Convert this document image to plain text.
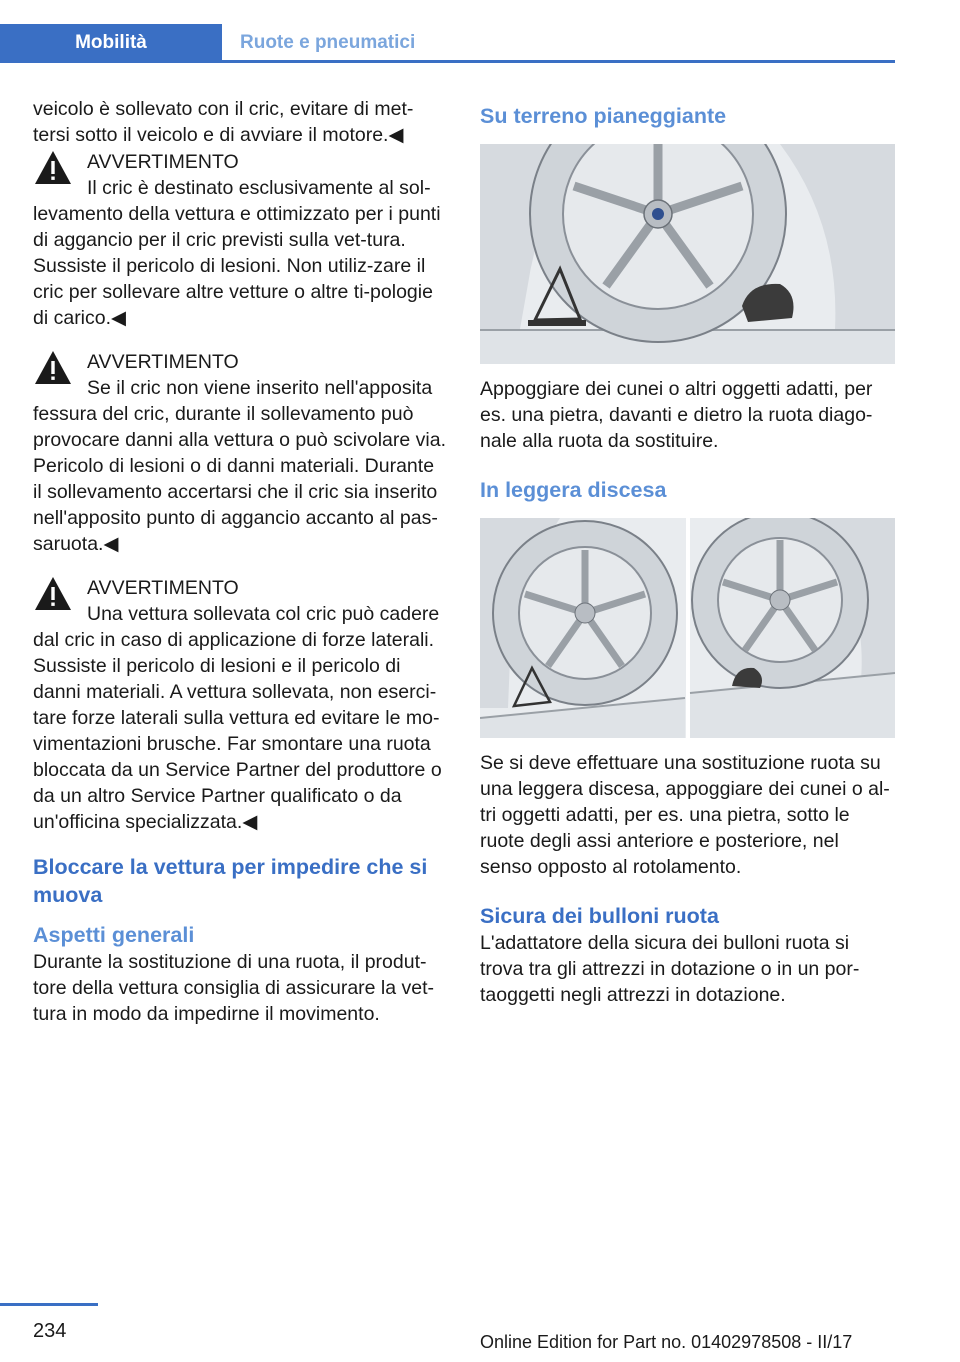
Mobilità	Ruote e pneumatici

veicolo è sollevato con il cric, evitare di met‐tersi sotto il veicolo e di avviare il motore.◀

AVVERTIMENTO
Il cric è destinato esclusivamente al sol‐
levamento della vettura e ottimizzato per i punti di aggancio per il cric previsti sulla vet‐tura. Sussiste il pericolo di lesioni. Non utiliz‐zare il cric per sollevare altre vetture o altre ti‐pologie di carico.◀

AVVERTIMENTO
Se il cric non viene inserito nell'apposita
fessura del cric, durante il sollevamento può provocare danni alla vettura o può scivolare via. Pericolo di lesioni o di danni materiali. Durante il sollevamento accertarsi che il cric sia inserito nell'apposito punto di aggancio accanto al pas‐saruota.◀

AVVERTIMENTO
Una vettura sollevata col cric può cadere
dal cric in caso di applicazione di forze laterali. Sussiste il pericolo di lesioni e il pericolo di danni materiali. A vettura sollevata, non eserci‐tare forze laterali sulla vettura ed evitare le mo‐vimentazioni brusche. Far smontare una ruota bloccata da un Service Partner del produttore o da un altro Service Partner qualificato o da un'officina specializzata.◀

Bloccare la vettura per impedire che si muova
Aspetti generali

Durante la sostituzione di una ruota, il produt‐tore della vettura consiglia di assicurare la vet‐tura in modo da impedirne il movimento.

Su terreno pianeggiante

Appoggiare dei cunei o altri oggetti adatti, per es. una pietra, davanti e dietro la ruota diago‐nale alla ruota da sostituire.

In leggera discesa

Se si deve effettuare una sostituzione ruota su una leggera discesa, appoggiare dei cunei o al‐tri oggetti adatti, per es. una pietra, sotto le ruote degli assi anteriore e posteriore, nel senso opposto al rotolamento.

Sicura dei bulloni ruota

L'adattatore della sicura dei bulloni ruota si trova tra gli attrezzi in dotazione o in un por‐taoggetti negli attrezzi in dotazione.

234	Online Edition for Part no. 01402978508 - II/17
